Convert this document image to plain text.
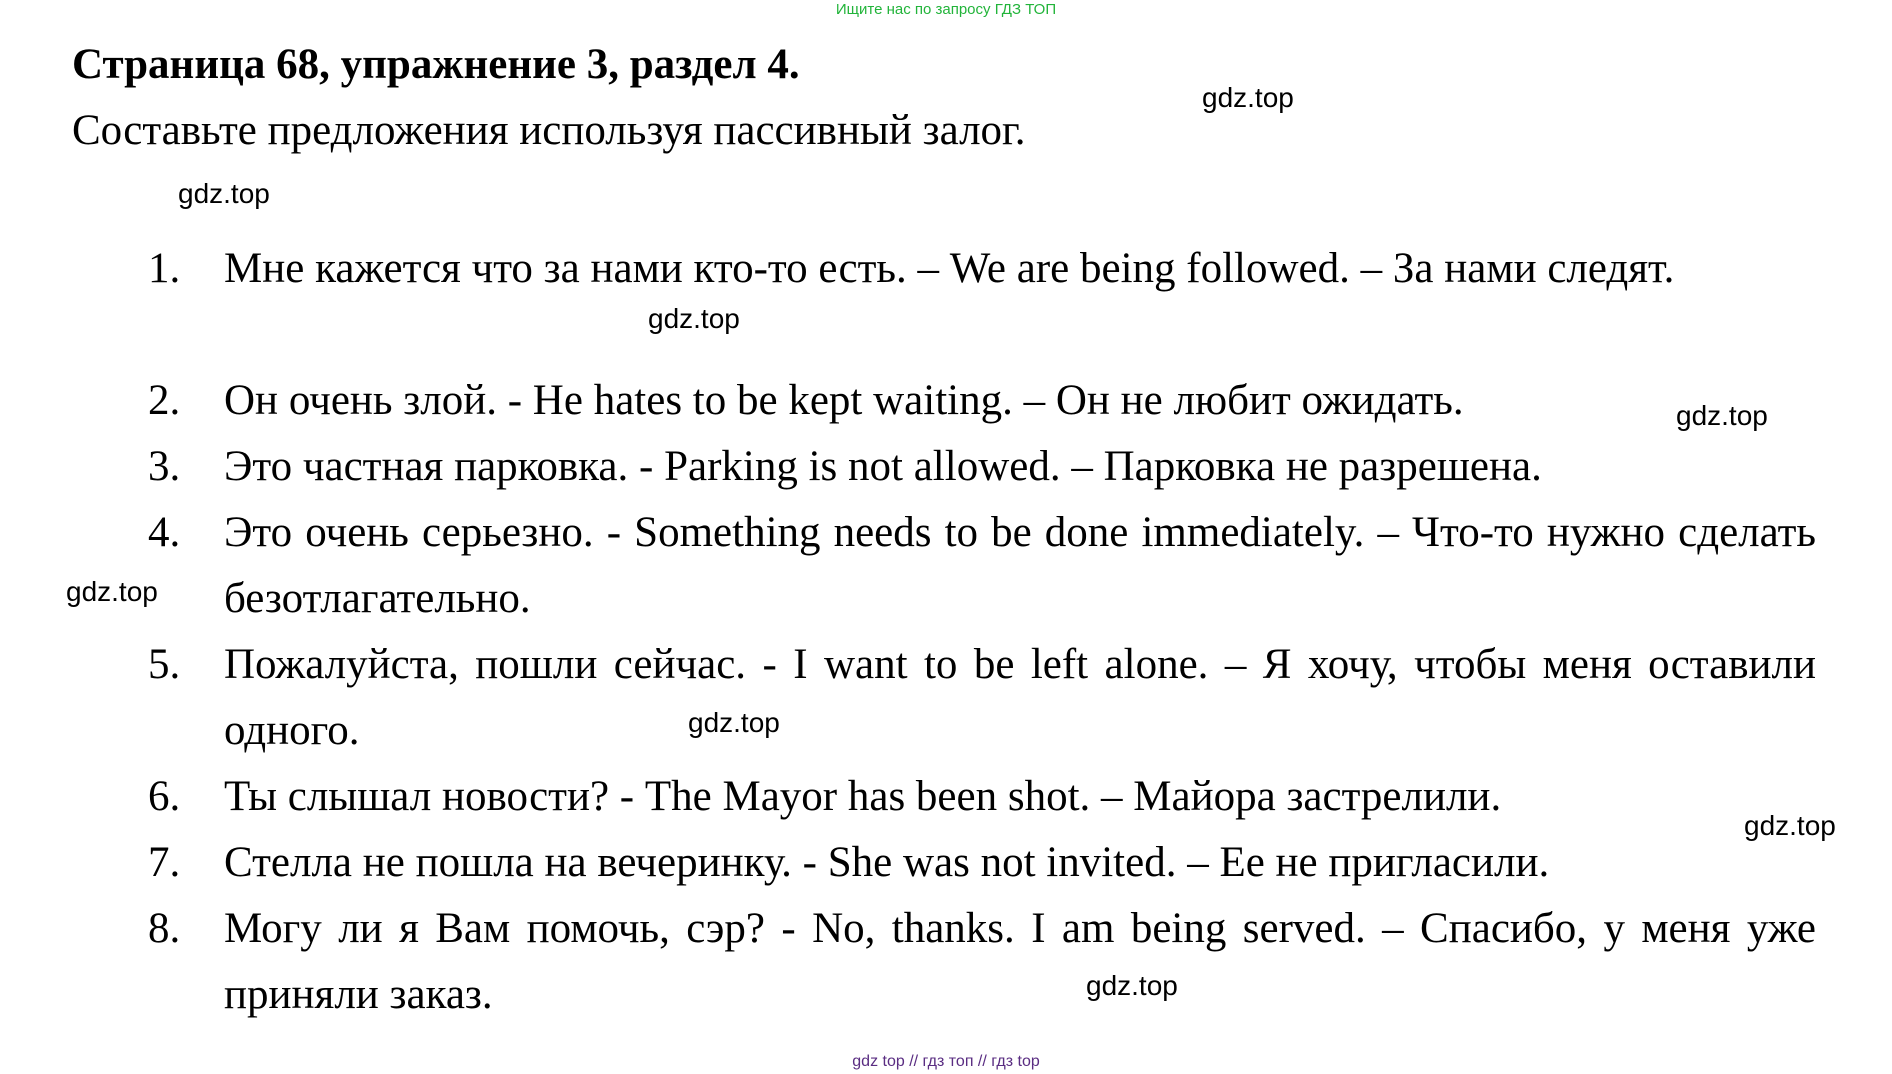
Ищите нас по запросу ГДЗ ТОП
Страница 68, упражнение 3, раздел 4.

Составьте предложения используя пассивный залог.

1. Мне кажется что за нами кто-то есть. – We are being followed. – За нами следят.
2. Он очень злой. - He hates to be kept waiting. – Он не любит ожидать.
3. Это частная парковка. - Parking is not allowed. – Парковка не разрешена.
4. Это очень серьезно. - Something needs to be done immediately. – Что-то нужно сделать безотлагательно.
5. Пожалуйста, пошли сейчас. - I want to be left alone. – Я хочу, чтобы меня оставили одного.
6. Ты слышал новости? - The Mayor has been shot. – Майора застрелили.
7. Стелла не пошла на вечеринку. - She was not invited. – Ее не пригласили.
8. Могу ли я Вам помочь, сэр? - No, thanks. I am being served. – Спасибо, у меня уже приняли заказ.
gdz.top
gdz.top
gdz.top
gdz.top
gdz.top
gdz.top
gdz.top
gdz.top
gdz top // гдз топ // гдз top
